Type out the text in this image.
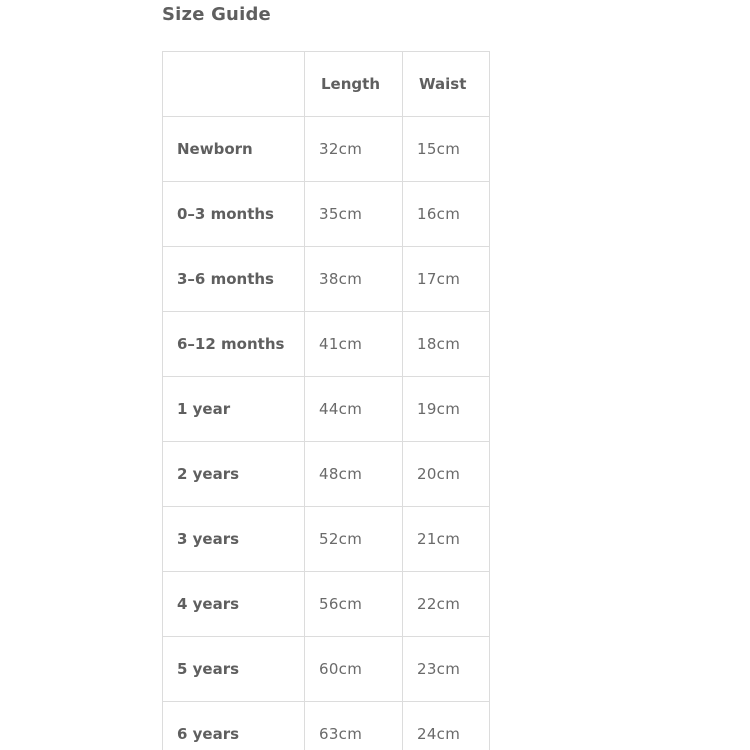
Size Guide
	Length	Waist
Newborn	32cm	15cm
0–3 months	35cm	16cm
3–6 months	38cm	17cm
6–12 months	41cm	18cm
1 year	44cm	19cm
2 years	48cm	20cm
3 years	52cm	21cm
4 years	56cm	22cm
5 years	60cm	23cm
6 years	63cm	24cm
